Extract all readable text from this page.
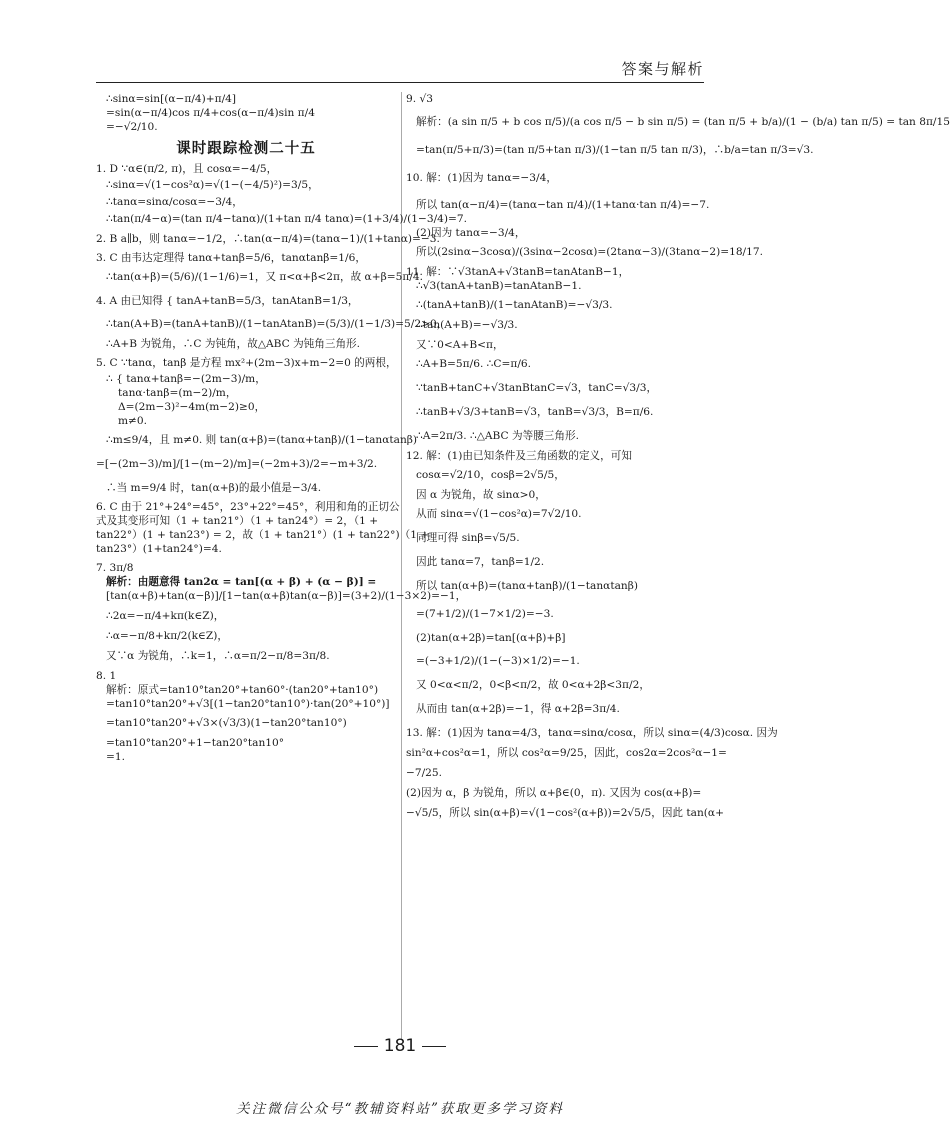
答案与解析

∴sinα=sin[(α−π/4)+π/4]

=sin(α−π/4)cos π/4+cos(α−π/4)sin π/4

=−√2/10.

课时跟踪检测二十五

1. D ∵α∈(π/2, π)，且 cosα=−4/5，

∴sinα=√(1−cos²α)=√(1−(−4/5)²)=3/5，

∴tanα=sinα/cosα=−3/4，

∴tan(π/4−α)=(tan π/4−tanα)/(1+tan π/4 tanα)=(1+3/4)/(1−3/4)=7.

2. B a∥b，则 tanα=−1/2，∴tan(α−π/4)=(tanα−1)/(1+tanα)=−3.

3. C 由韦达定理得 tanα+tanβ=5/6，tanαtanβ=1/6，

∴tan(α+β)=(5/6)/(1−1/6)=1，又 π<α+β<2π，故 α+β=5π/4.

4. A 由已知得 { tanA+tanB=5/3，tanAtanB=1/3，

∴tan(A+B)=(tanA+tanB)/(1−tanAtanB)=(5/3)/(1−1/3)=5/2>0，

∴A+B 为锐角，∴C 为钝角，故△ABC 为钝角三角形.

5. C ∵tanα，tanβ 是方程 mx²+(2m−3)x+m−2=0 的两根，

∴ { tanα+tanβ=−(2m−3)/m，

tanα·tanβ=(m−2)/m，

Δ=(2m−3)²−4m(m−2)≥0，

m≠0.

∴m≤9/4，且 m≠0. 则 tan(α+β)=(tanα+tanβ)/(1−tanαtanβ)

=[−(2m−3)/m]/[1−(m−2)/m]=(−2m+3)/2=−m+3/2.

∴当 m=9/4 时，tan(α+β)的最小值是−3/4.

6. C 由于 21°+24°=45°，23°+22°=45°，利用和角的正切公

式及其变形可知（1 + tan21°）（1 + tan24°）= 2，（1 +

tan22°）(1 + tan23°) = 2，故（1 + tan21°）(1 + tan22°)（1 +

tan23°）(1+tan24°)=4.

7. 3π/8

解析：由题意得 tan2α = tan[(α + β) + (α − β)] =

[tan(α+β)+tan(α−β)]/[1−tan(α+β)tan(α−β)]=(3+2)/(1−3×2)=−1，

∴2α=−π/4+kπ(k∈Z)，

∴α=−π/8+kπ/2(k∈Z)，

又∵α 为锐角，∴k=1，∴α=π/2−π/8=3π/8.

8. 1

解析：原式=tan10°tan20°+tan60°·(tan20°+tan10°)

=tan10°tan20°+√3[(1−tan20°tan10°)·tan(20°+10°)]

=tan10°tan20°+√3×(√3/3)(1−tan20°tan10°)

=tan10°tan20°+1−tan20°tan10°

=1.

9. √3

解析：(a sin π/5 + b cos π/5)/(a cos π/5 − b sin π/5) = (tan π/5 + b/a)/(1 − (b/a) tan π/5) = tan 8π/15

=tan(π/5+π/3)=(tan π/5+tan π/3)/(1−tan π/5 tan π/3)，∴b/a=tan π/3=√3.

10. 解：(1)因为 tanα=−3/4，

所以 tan(α−π/4)=(tanα−tan π/4)/(1+tanα·tan π/4)=−7.

(2)因为 tanα=−3/4，

所以(2sinα−3cosα)/(3sinα−2cosα)=(2tanα−3)/(3tanα−2)=18/17.

11. 解：∵√3tanA+√3tanB=tanAtanB−1，

∴√3(tanA+tanB)=tanAtanB−1.

∴(tanA+tanB)/(1−tanAtanB)=−√3/3.

∴tan(A+B)=−√3/3.

又∵0<A+B<π，

∴A+B=5π/6. ∴C=π/6.

∵tanB+tanC+√3tanBtanC=√3，tanC=√3/3，

∴tanB+√3/3+tanB=√3，tanB=√3/3，B=π/6.

∴A=2π/3. ∴△ABC 为等腰三角形.

12. 解：(1)由已知条件及三角函数的定义，可知

cosα=√2/10，cosβ=2√5/5，

因 α 为锐角，故 sinα>0，

从而 sinα=√(1−cos²α)=7√2/10.

同理可得 sinβ=√5/5.

因此 tanα=7，tanβ=1/2.

所以 tan(α+β)=(tanα+tanβ)/(1−tanαtanβ)

=(7+1/2)/(1−7×1/2)=−3.

(2)tan(α+2β)=tan[(α+β)+β]

=(−3+1/2)/(1−(−3)×1/2)=−1.

又 0<α<π/2，0<β<π/2，故 0<α+2β<3π/2，

从而由 tan(α+2β)=−1，得 α+2β=3π/4.

13. 解：(1)因为 tanα=4/3，tanα=sinα/cosα，所以 sinα=(4/3)cosα. 因为

sin²α+cos²α=1，所以 cos²α=9/25，因此，cos2α=2cos²α−1=

−7/25.

(2)因为 α，β 为锐角，所以 α+β∈(0，π). 又因为 cos(α+β)=

−√5/5，所以 sin(α+β)=√(1−cos²(α+β))=2√5/5，因此 tan(α+

181
关注微信公众号“教辅资料站”获取更多学习资料
